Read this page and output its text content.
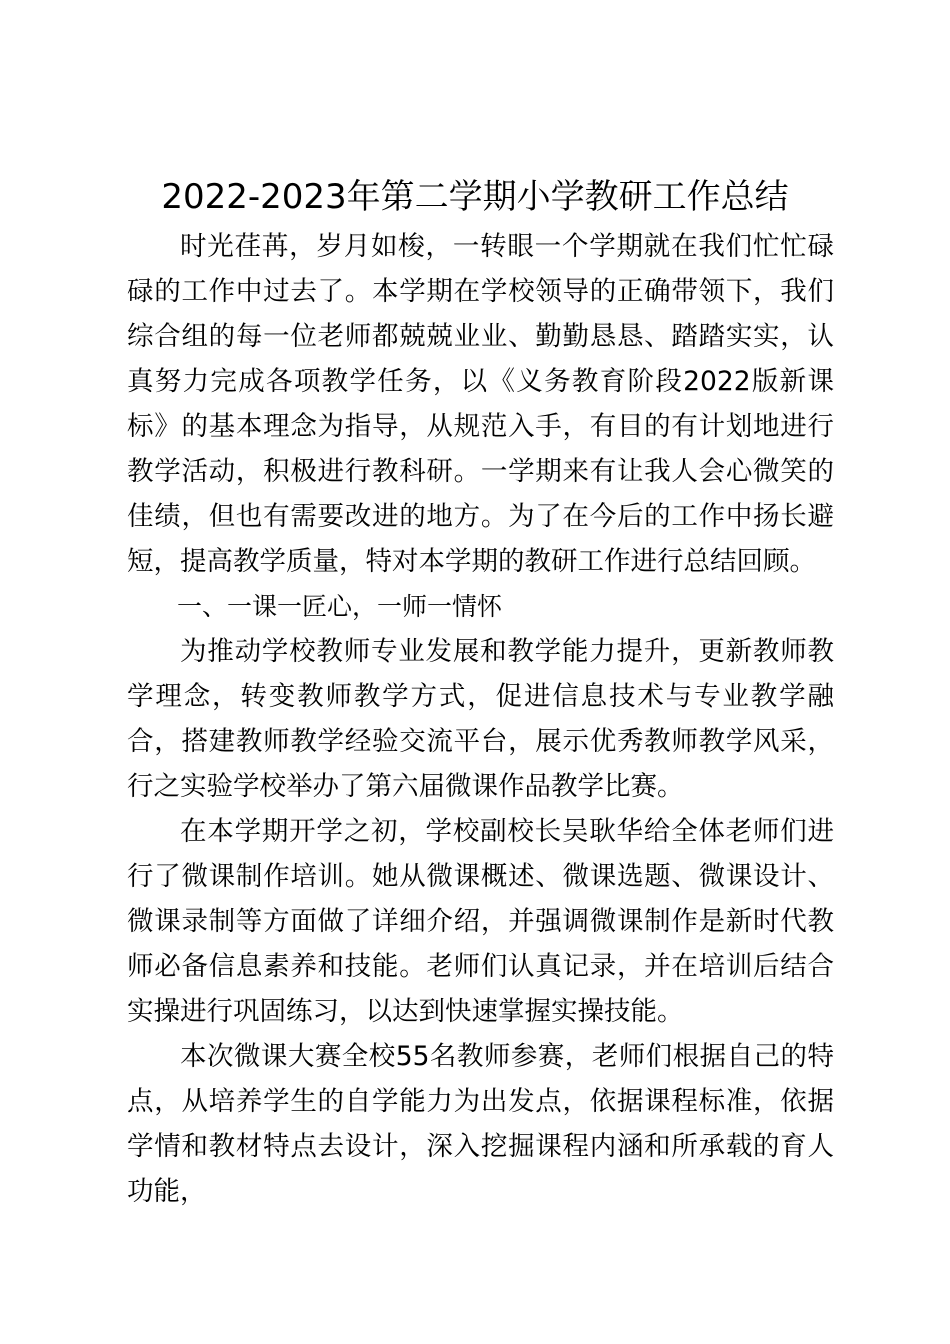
2022-2023年第二学期小学教研工作总结

时光荏苒，岁月如梭，一转眼一个学期就在我们忙忙碌碌的工作中过去了。本学期在学校领导的正确带领下，我们综合组的每一位老师都兢兢业业、勤勤恳恳、踏踏实实，认真努力完成各项教学任务，以《义务教育阶段2022版新课标》的基本理念为指导，从规范入手，有目的有计划地进行教学活动，积极进行教科研。一学期来有让我人会心微笑的佳绩，但也有需要改进的地方。为了在今后的工作中扬长避短，提高教学质量，特对本学期的教研工作进行总结回顾。

一、一课一匠心，一师一情怀

为推动学校教师专业发展和教学能力提升，更新教师教学理念，转变教师教学方式，促进信息技术与专业教学融合，搭建教师教学经验交流平台，展示优秀教师教学风采，行之实验学校举办了第六届微课作品教学比赛。

在本学期开学之初，学校副校长吴耿华给全体老师们进行了微课制作培训。她从微课概述、微课选题、微课设计、微课录制等方面做了详细介绍，并强调微课制作是新时代教师必备信息素养和技能。老师们认真记录，并在培训后结合实操进行巩固练习，以达到快速掌握实操技能。

本次微课大赛全校55名教师参赛，老师们根据自己的特点，从培养学生的自学能力为出发点，依据课程标准，依据学情和教材特点去设计，深入挖掘课程内涵和所承载的育人功能，
